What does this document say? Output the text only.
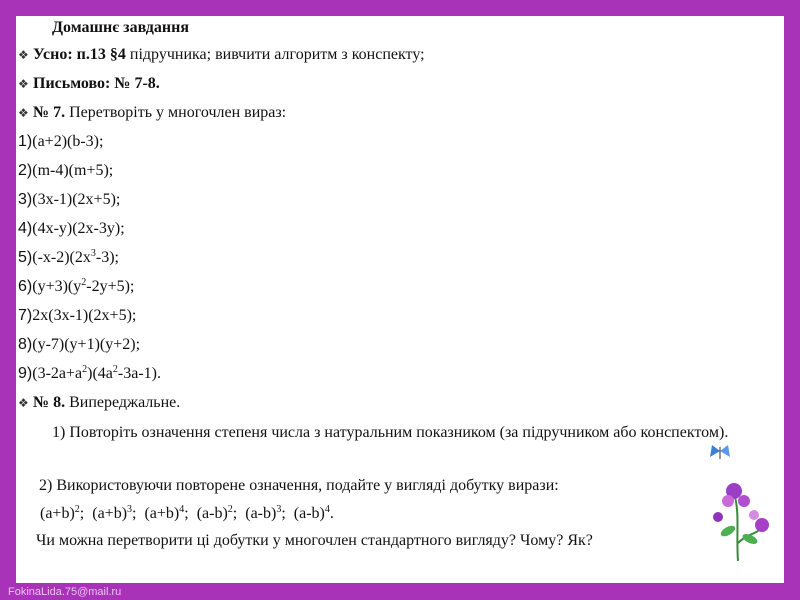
Домашнє завдання
❖ Усно: п.13 §4 підручника; вивчити алгоритм з конспекту;
❖ Письмово: № 7-8.
❖ № 7. Перетворіть у многочлен вираз:
1)(a+2)(b-3);
2)(m-4)(m+5);
3)(3x-1)(2x+5);
4)(4x-y)(2x-3y);
$5)(-x-2)(2x^3-3)$;
$6)(y+3)(y^2-2y+5)$;
7)2x(3x-1)(2x+5);
8)(y-7)(y+1)(y+2);
$9)(3-2a+a^2)(4a^2-3a-1)$.
❖ № 8. Випереджальне.
1) Повторіть означення степеня числа з натуральним показником (за підручником або конспектом).
2) Використовуючи повторене означення, подайте у вигляді добутку вирази:
$(a+b)^2$;  $(a+b)^3$;  $(a+b)^4$;  $(a-b)^2$;  $(a-b)^3$;  $(a-b)^4$.
Чи можна перетворити ці добутки у многочлен стандартного вигляду? Чому? Як?
FokinaLida.75@mail.ru
